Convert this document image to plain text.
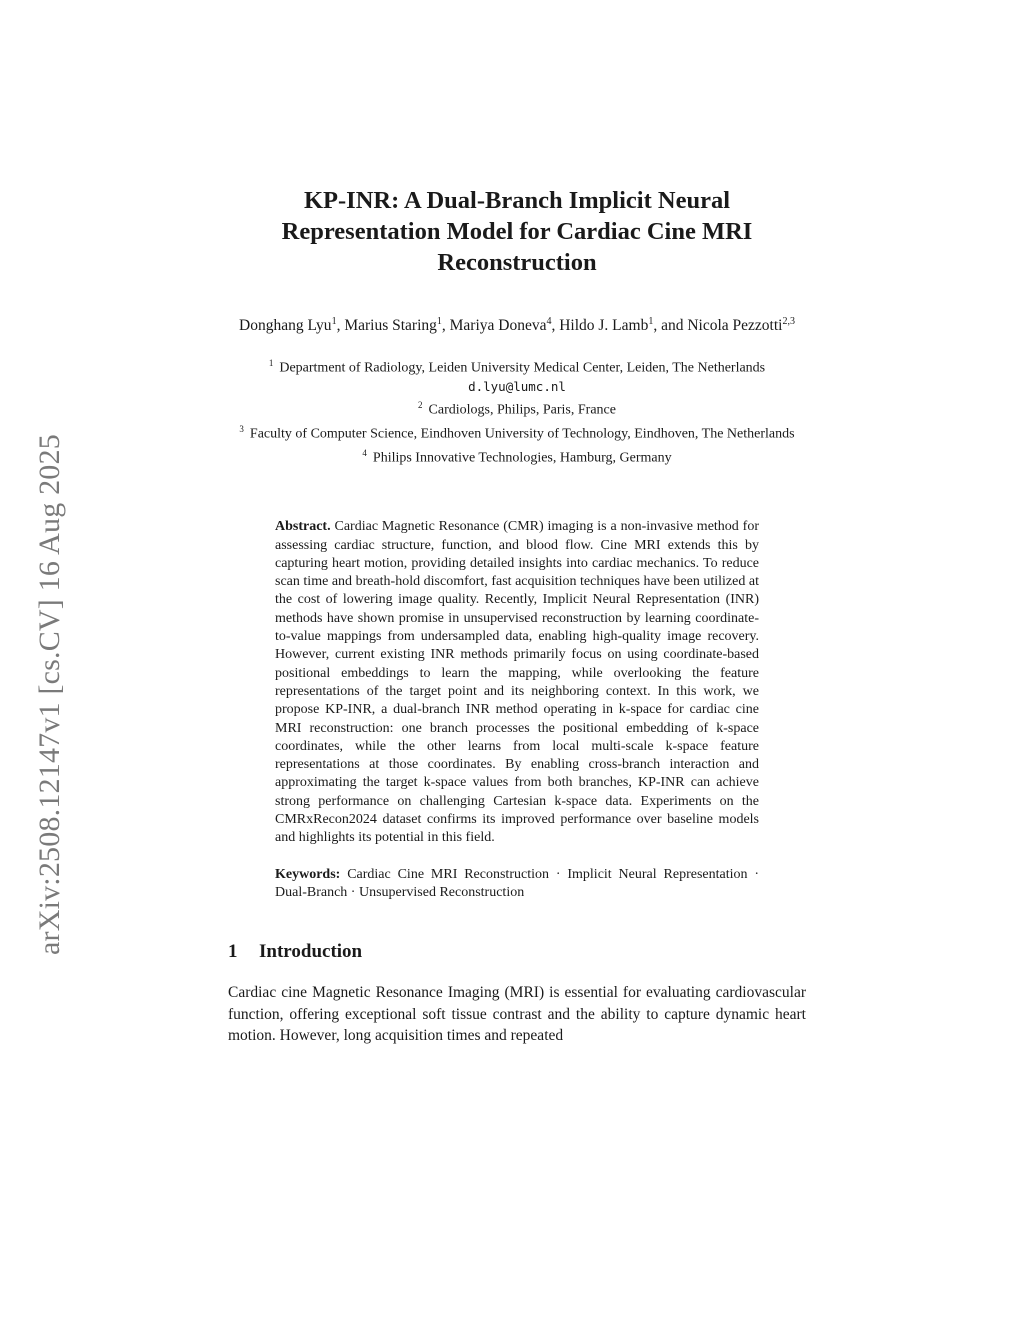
arXiv:2508.12147v1 [cs.CV] 16 Aug 2025
KP-INR: A Dual-Branch Implicit Neural Representation Model for Cardiac Cine MRI Reconstruction
Donghang Lyu$^1$, Marius Staring$^1$, Mariya Doneva$^4$, Hildo J. Lamb$^1$, and Nicola Pezzotti$^{2,3}$
$^1$ Department of Radiology, Leiden University Medical Center, Leiden, The Netherlands
d.lyu@lumc.nl
$^2$ Cardiologs, Philips, Paris, France
$^3$ Faculty of Computer Science, Eindhoven University of Technology, Eindhoven, The Netherlands
$^4$ Philips Innovative Technologies, Hamburg, Germany
Abstract. Cardiac Magnetic Resonance (CMR) imaging is a non-invasive method for assessing cardiac structure, function, and blood flow. Cine MRI extends this by capturing heart motion, providing detailed insights into cardiac mechanics. To reduce scan time and breath-hold discomfort, fast acquisition techniques have been utilized at the cost of lowering image quality. Recently, Implicit Neural Representation (INR) methods have shown promise in unsupervised reconstruction by learning coordinate-to-value mappings from undersampled data, enabling high-quality image recovery. However, current existing INR methods primarily focus on using coordinate-based positional embeddings to learn the mapping, while overlooking the feature representations of the target point and its neighboring context. In this work, we propose KP-INR, a dual-branch INR method operating in k-space for cardiac cine MRI reconstruction: one branch processes the positional embedding of k-space coordinates, while the other learns from local multi-scale k-space feature representations at those coordinates. By enabling cross-branch interaction and approximating the target k-space values from both branches, KP-INR can achieve strong performance on challenging Cartesian k-space data. Experiments on the CMRxRecon2024 dataset confirms its improved performance over baseline models and highlights its potential in this field.
Keywords: Cardiac Cine MRI Reconstruction · Implicit Neural Representation · Dual-Branch · Unsupervised Reconstruction
1 Introduction
Cardiac cine Magnetic Resonance Imaging (MRI) is essential for evaluating cardiovascular function, offering exceptional soft tissue contrast and the ability to capture dynamic heart motion. However, long acquisition times and repeated
